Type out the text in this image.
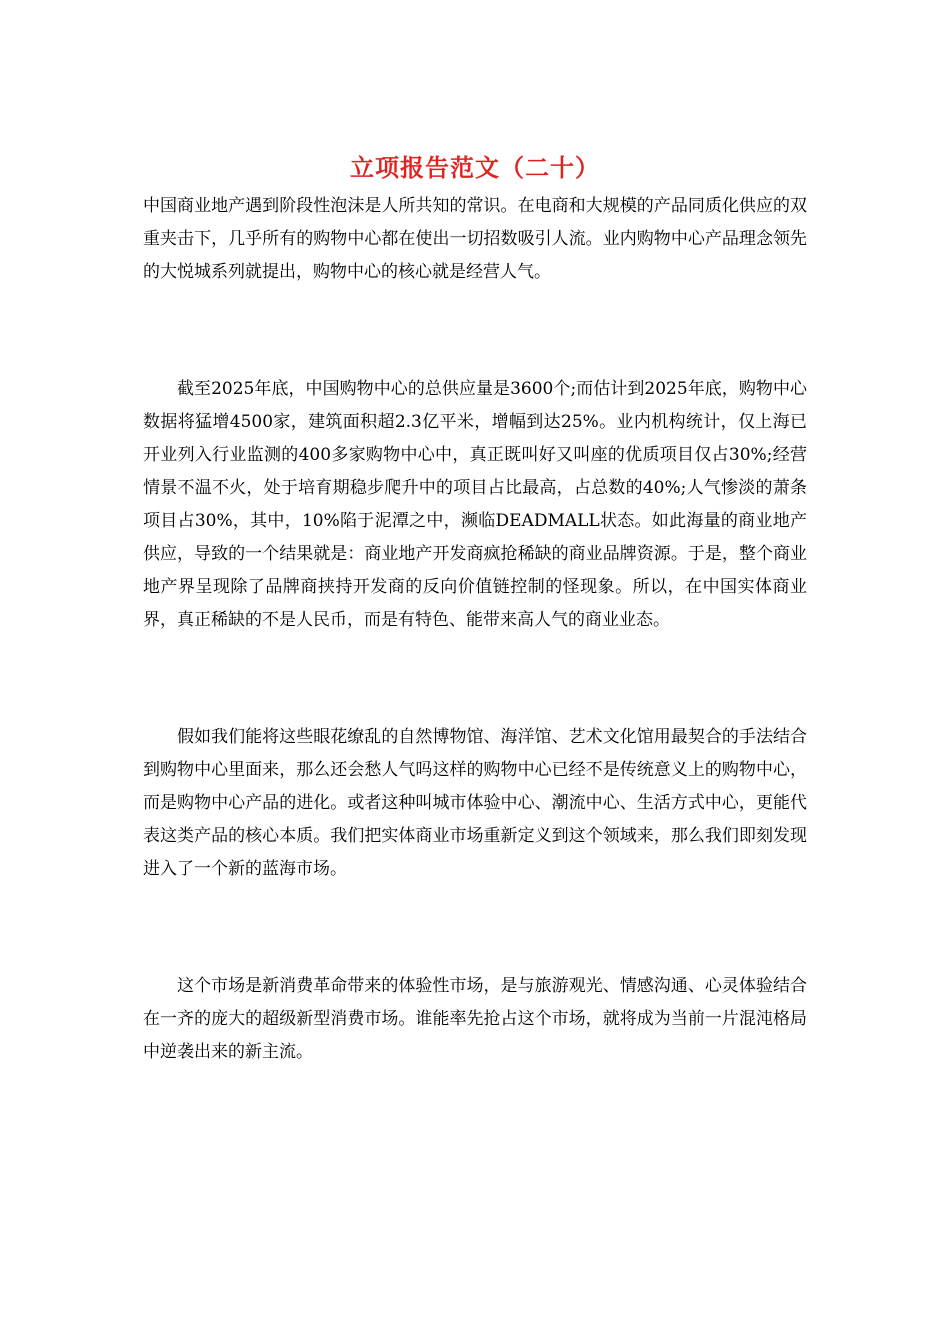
立项报告范文（二十）

中国商业地产遇到阶段性泡沫是人所共知的常识。在电商和大规模的产品同质化供应的双重夹击下，几乎所有的购物中心都在使出一切招数吸引人流。业内购物中心产品理念领先的大悦城系列就提出，购物中心的核心就是经营人气。

截至2025年底，中国购物中心的总供应量是3600个;而估计到2025年底，购物中心数据将猛增4500家，建筑面积超2.3亿平米，增幅到达25%。业内机构统计，仅上海已开业列入行业监测的400多家购物中心中，真正既叫好又叫座的优质项目仅占30%;经营情景不温不火，处于培育期稳步爬升中的项目占比最高，占总数的40%;人气惨淡的萧条项目占30%，其中，10%陷于泥潭之中，濒临DEADMALL状态。如此海量的商业地产供应，导致的一个结果就是：商业地产开发商疯抢稀缺的商业品牌资源。于是，整个商业地产界呈现除了品牌商挟持开发商的反向价值链控制的怪现象。所以，在中国实体商业界，真正稀缺的不是人民币，而是有特色、能带来高人气的商业业态。

假如我们能将这些眼花缭乱的自然博物馆、海洋馆、艺术文化馆用最契合的手法结合到购物中心里面来，那么还会愁人气吗这样的购物中心已经不是传统意义上的购物中心，而是购物中心产品的进化。或者这种叫城市体验中心、潮流中心、生活方式中心，更能代表这类产品的核心本质。我们把实体商业市场重新定义到这个领域来，那么我们即刻发现进入了一个新的蓝海市场。

这个市场是新消费革命带来的体验性市场，是与旅游观光、情感沟通、心灵体验结合在一齐的庞大的超级新型消费市场。谁能率先抢占这个市场，就将成为当前一片混沌格局中逆袭出来的新主流。
